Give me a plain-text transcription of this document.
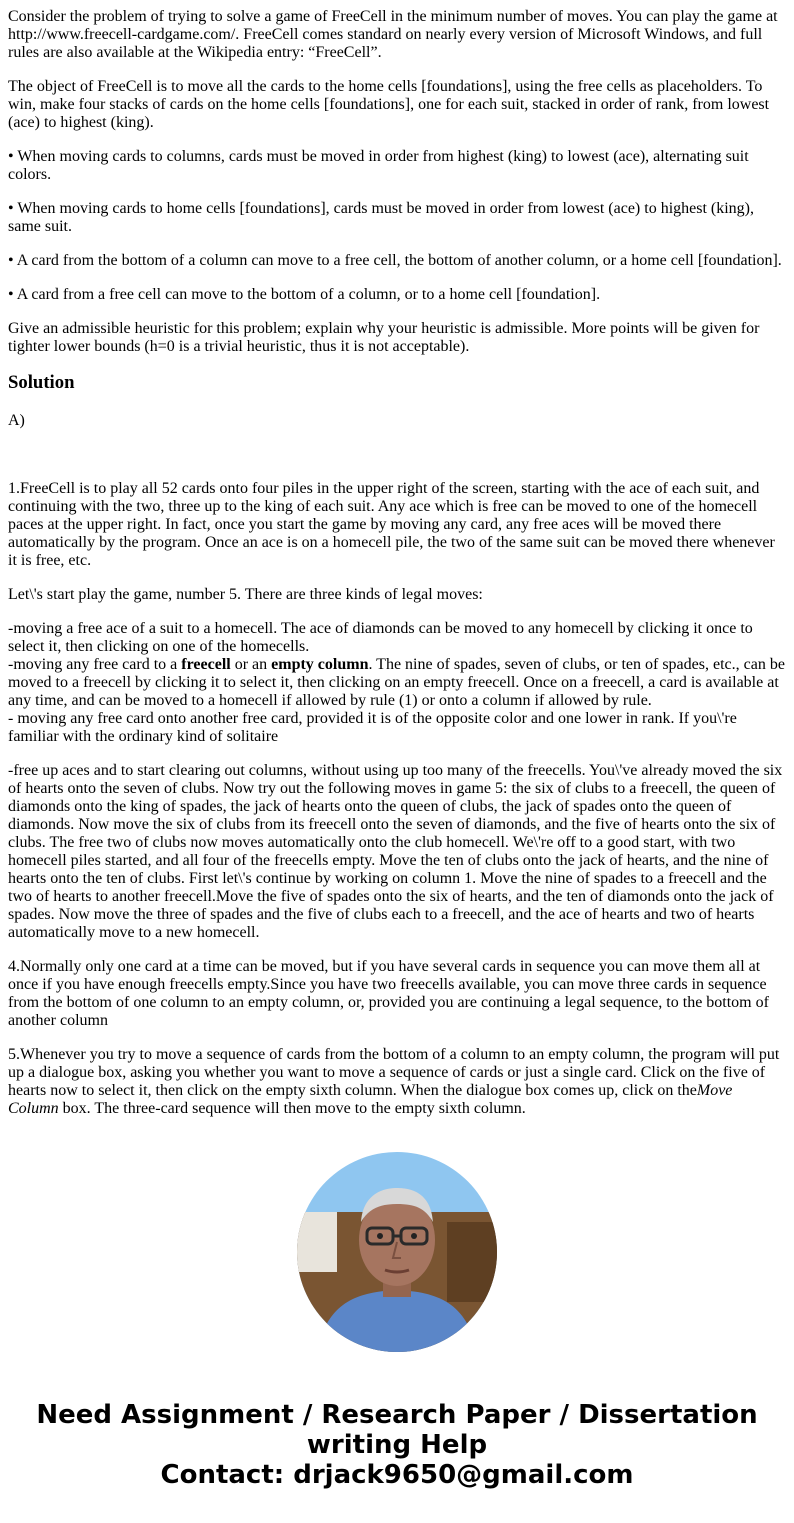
Consider the problem of trying to solve a game of FreeCell in the minimum number of moves. You can play the game at http://www.freecell-cardgame.com/. FreeCell comes standard on nearly every version of Microsoft Windows, and full rules are also available at the Wikipedia entry: “FreeCell”.

The object of FreeCell is to move all the cards to the home cells [foundations], using the free cells as placeholders. To win, make four stacks of cards on the home cells [foundations], one for each suit, stacked in order of rank, from lowest (ace) to highest (king).

• When moving cards to columns, cards must be moved in order from highest (king) to lowest (ace), alternating suit colors.

• When moving cards to home cells [foundations], cards must be moved in order from lowest (ace) to highest (king), same suit.

• A card from the bottom of a column can move to a free cell, the bottom of another column, or a home cell [foundation].

• A card from a free cell can move to the bottom of a column, or to a home cell [foundation].

Give an admissible heuristic for this problem; explain why your heuristic is admissible. More points will be given for tighter lower bounds (h=0 is a trivial heuristic, thus it is not acceptable).

Solution

A)

1.FreeCell is to play all 52 cards onto four piles in the upper right of the screen, starting with the ace of each suit, and continuing with the two, three up to the king of each suit. Any ace which is free can be moved to one of the homecell paces at the upper right. In fact, once you start the game by moving any card, any free aces will be moved there automatically by the program. Once an ace is on a homecell pile, the two of the same suit can be moved there whenever it is free, etc.

Let\'s start play the game, number 5. There are three kinds of legal moves:

-moving a free ace of a suit to a homecell. The ace of diamonds can be moved to any homecell by clicking it once to select it, then clicking on one of the homecells.
-moving any free card to a freecell or an empty column. The nine of spades, seven of clubs, or ten of spades, etc., can be moved to a freecell by clicking it to select it, then clicking on an empty freecell. Once on a freecell, a card is available at any time, and can be moved to a homecell if allowed by rule (1) or onto a column if allowed by rule.
- moving any free card onto another free card, provided it is of the opposite color and one lower in rank. If you\'re familiar with the ordinary kind of solitaire

-free up aces and to start clearing out columns, without using up too many of the freecells. You\'ve already moved the six of hearts onto the seven of clubs. Now try out the following moves in game 5: the six of clubs to a freecell, the queen of diamonds onto the king of spades, the jack of hearts onto the queen of clubs, the jack of spades onto the queen of diamonds. Now move the six of clubs from its freecell onto the seven of diamonds, and the five of hearts onto the six of clubs. The free two of clubs now moves automatically onto the club homecell. We\'re off to a good start, with two homecell piles started, and all four of the freecells empty. Move the ten of clubs onto the jack of hearts, and the nine of hearts onto the ten of clubs. First let\'s continue by working on column 1. Move the nine of spades to a freecell and the two of hearts to another freecell.Move the five of spades onto the six of hearts, and the ten of diamonds onto the jack of spades. Now move the three of spades and the five of clubs each to a freecell, and the ace of hearts and two of hearts automatically move to a new homecell.

4.Normally only one card at a time can be moved, but if you have several cards in sequence you can move them all at once if you have enough freecells empty.Since you have two freecells available, you can move three cards in sequence from the bottom of one column to an empty column, or, provided you are continuing a legal sequence, to the bottom of another column

5.Whenever you try to move a sequence of cards from the bottom of a column to an empty column, the program will put up a dialogue box, asking you whether you want to move a sequence of cards or just a single card. Click on the five of hearts now to select it, then click on the empty sixth column. When the dialogue box comes up, click on theMove Column box. The three-card sequence will then move to the empty sixth column.

Need Assignment / Research Paper / Dissertation
writing Help
Contact: drjack9650@gmail.com
